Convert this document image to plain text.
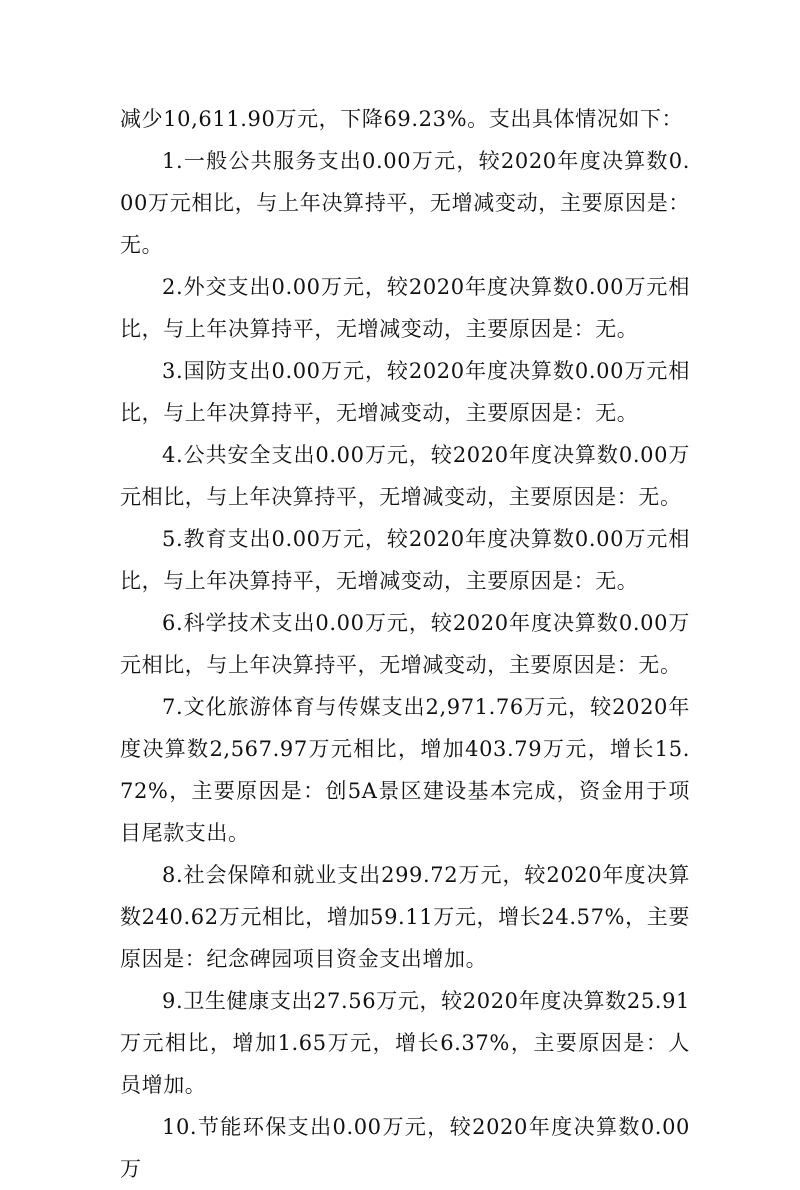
减少10,611.90万元，下降69.23%。支出具体情况如下：

1.一般公共服务支出0.00万元，较2020年度决算数0.00万元相比，与上年决算持平，无增减变动，主要原因是：无。

2.外交支出0.00万元，较2020年度决算数0.00万元相比，与上年决算持平，无增减变动，主要原因是：无。

3.国防支出0.00万元，较2020年度决算数0.00万元相比，与上年决算持平，无增减变动，主要原因是：无。

4.公共安全支出0.00万元，较2020年度决算数0.00万元相比，与上年决算持平，无增减变动，主要原因是：无。

5.教育支出0.00万元，较2020年度决算数0.00万元相比，与上年决算持平，无增减变动，主要原因是：无。

6.科学技术支出0.00万元，较2020年度决算数0.00万元相比，与上年决算持平，无增减变动，主要原因是：无。

7.文化旅游体育与传媒支出2,971.76万元，较2020年度决算数2,567.97万元相比，增加403.79万元，增长15.72%，主要原因是：创5A景区建设基本完成，资金用于项目尾款支出。

8.社会保障和就业支出299.72万元，较2020年度决算数240.62万元相比，增加59.11万元，增长24.57%，主要原因是：纪念碑园项目资金支出增加。

9.卫生健康支出27.56万元，较2020年度决算数25.91万元相比，增加1.65万元，增长6.37%，主要原因是：人员增加。

10.节能环保支出0.00万元，较2020年度决算数0.00万
